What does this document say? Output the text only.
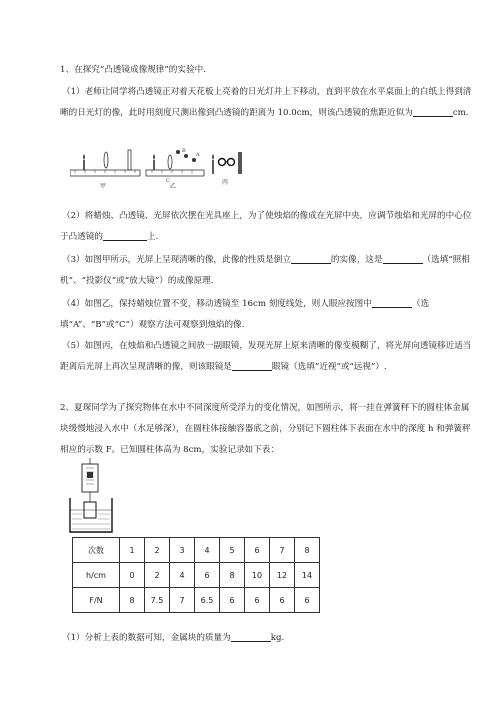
1、在探究“凸透镜成像规律”的实验中.
（1）老师让同学将凸透镜正对着天花板上亮着的日光灯并上下移动，直到平放在水平桌面上的白纸上得到清晰的日光灯的像，此时用刻度尺测出像到凸透镜的距离为 10.0cm，则该凸透镜的焦距近似为	cm.
甲
C
B
A
乙
丙
（2）将蜡烛、凸透镜、光屏依次摆在光具座上，为了使烛焰的像成在光屏中央，应调节烛焰和光屏的中心位于凸透镜的	上.
（3）如图甲所示，光屏上呈现清晰的像，此像的性质是倒立	的实像，这是	（选填“照相机”、“投影仪”或“放大镜”）的成像原理.
（4）如图乙，保持蜡烛位置不变，移动透镜至 16cm 刻度线处，则人眼应按图中	（选填“A”、“B”或“C”）观察方法可观察到烛焰的像.
（5）如图丙，在烛焰和凸透镜之间放一副眼镜，发现光屏上原来清晰的像变模糊了，将光屏向透镜移近适当距离后光屏上再次呈现清晰的像，则该眼镜是	眼镜（选填“近视”或“远视”）.
2、夏琛同学为了探究物体在水中不同深度所受浮力的变化情况，如图所示，将一挂在弹簧秤下的圆柱体金属块缓慢地浸入水中（水足够深），在圆柱体接触容器底之前，分别记下圆柱体下表面在水中的深度 h 和弹簧秤相应的示数 F。已知圆柱体高为 8cm，实验记录如下表：
次数	1	2	3	4	5	6	7	8
h/cm	0	2	4	6	8	10	12	14
F/N	8	7.5	7	6.5	6	6	6	6
（1）分析上表的数据可知，金属块的质量为	kg.
